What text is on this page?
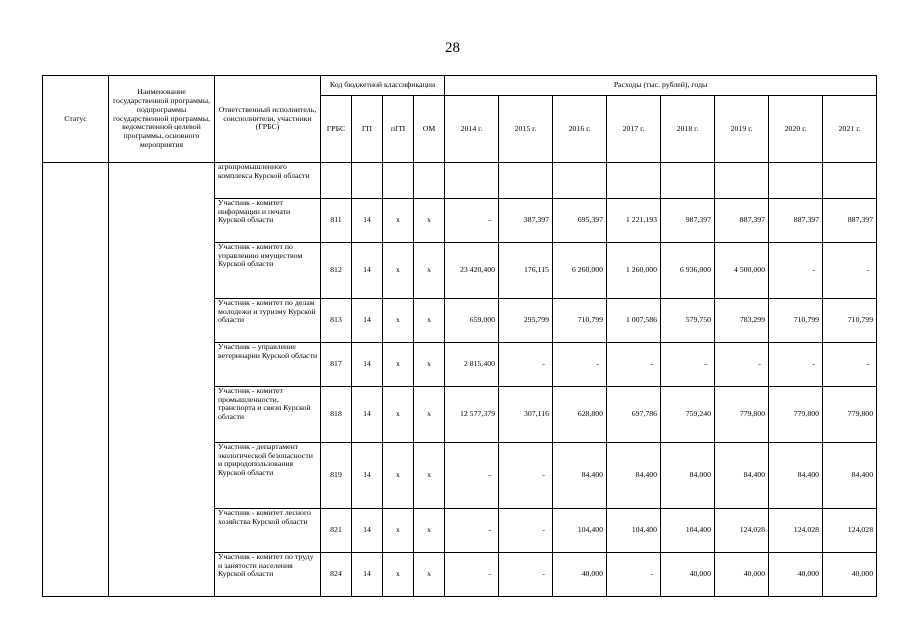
28
Статус	Наименование государственной программы, подпрограммы государственной программы, ведомственной целевой программы, основного мероприятия	Ответственный исполнитель, соисполнители, участники (ГРБС)	Код бюджетной классификации				Расходы (тыс. рублей), годы							
			ГРБС	ГП	пГП	ОМ	2014 г.	2015 г.	2016 г.	2017 г.	2018 г.	2019 г.	2020 г.	2021 г.
		агропромышленного комплекса Курской области												
		Участник - комитет информации и печати Курской области	811	14	х	х	-	387,397	695,397	1 221,193	987,397	887,397	887,397	887,397
		Участник - комитет по управлению имуществом Курской области	812	14	х	х	23 420,400	176,115	6 260,000	1 260,000	6 936,000	4 500,000	-	-
		Участник - комитет по делам молодежи и туризму Курской области	813	14	х	х	659,000	295,799	710,799	1 007,586	579,750	783,299	710,799	710,799
		Участник – управление ветеринарии Курской области	817	14	х	х	2 815,400	-	-	-	-	-	-	-
		Участник - комитет промышленности, транспорта и связи Курской области	818	14	х	х	12 577,379	307,116	628,800	697,786	759,240	779,800	779,800	779,800
		Участник - департамент экологической безопасности и природопользования Курской области	819	14	х	х	-	-	84,400	84,400	84,000	84,400	84,400	84,400
		Участник - комитет лесного хозяйства Курской области	821	14	х	х	-	-	104,400	104,400	104,400	124,028	124,028	124,028
		Участник - комитет по труду и занятости населения Курской области	824	14	х	х	-	-	40,000	-	40,000	40,000	40,000	40,000
